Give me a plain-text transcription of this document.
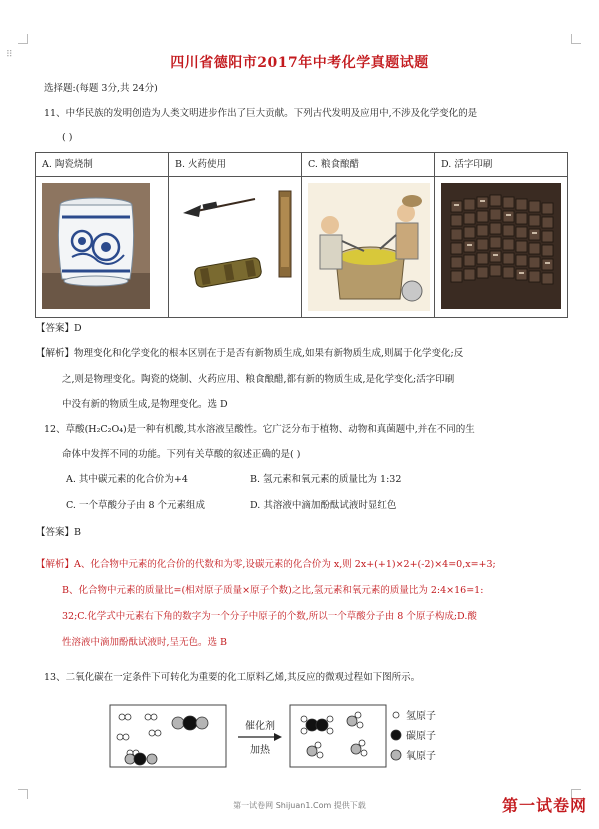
⠿	四川省德阳市2017年中考化学真题试题
选择题:(每题 3分,共 24分)
11、中华民族的发明创造为人类文明进步作出了巨大贡献。下列古代发明及应用中,不涉及化学变化的是
( )
A. 陶瓷烧制	B. 火药使用	C. 粮食酿醋	D. 活字印刷

【答案】D
【解析】物理变化和化学变化的根本区别在于是否有新物质生成,如果有新物质生成,则属于化学变化;反
之,则是物理变化。陶瓷的烧制、火药应用、粮食酿醋,都有新的物质生成,是化学变化;活字印刷
中没有新的物质生成,是物理变化。选 D
12、草酸(H₂C₂O₄)是一种有机酸,其水溶液呈酸性。它广泛分布于植物、动物和真菌题中,并在不同的生
命体中发挥不同的功能。下列有关草酸的叙述正确的是( )
A. 其中碳元素的化合价为+4	B. 氢元素和氧元素的质量比为 1:32
C. 一个草酸分子由 8 个元素组成	D. 其溶液中滴加酚酞试液时显红色
【答案】B
【解析】A、化合物中元素的化合价的代数和为零,设碳元素的化合价为 x,则 2x+(+1)×2+(-2)×4=0,x=+3;
B、化合物中元素的质量比=(相对原子质量×原子个数)之比,氢元素和氧元素的质量比为 2:4×16=1:
32;C.化学式中元素右下角的数字为一个分子中原子的个数,所以一个草酸分子由 8 个原子构成;D.酸
性溶液中滴加酚酞试液时,呈无色。选 B
13、二氧化碳在一定条件下可转化为重要的化工原料乙烯,其反应的微观过程如下图所示。
催化剂
加热
氢原子
碳原子
氧原子
第一试卷网 Shijuan1.Com 提供下载	第一试卷网
